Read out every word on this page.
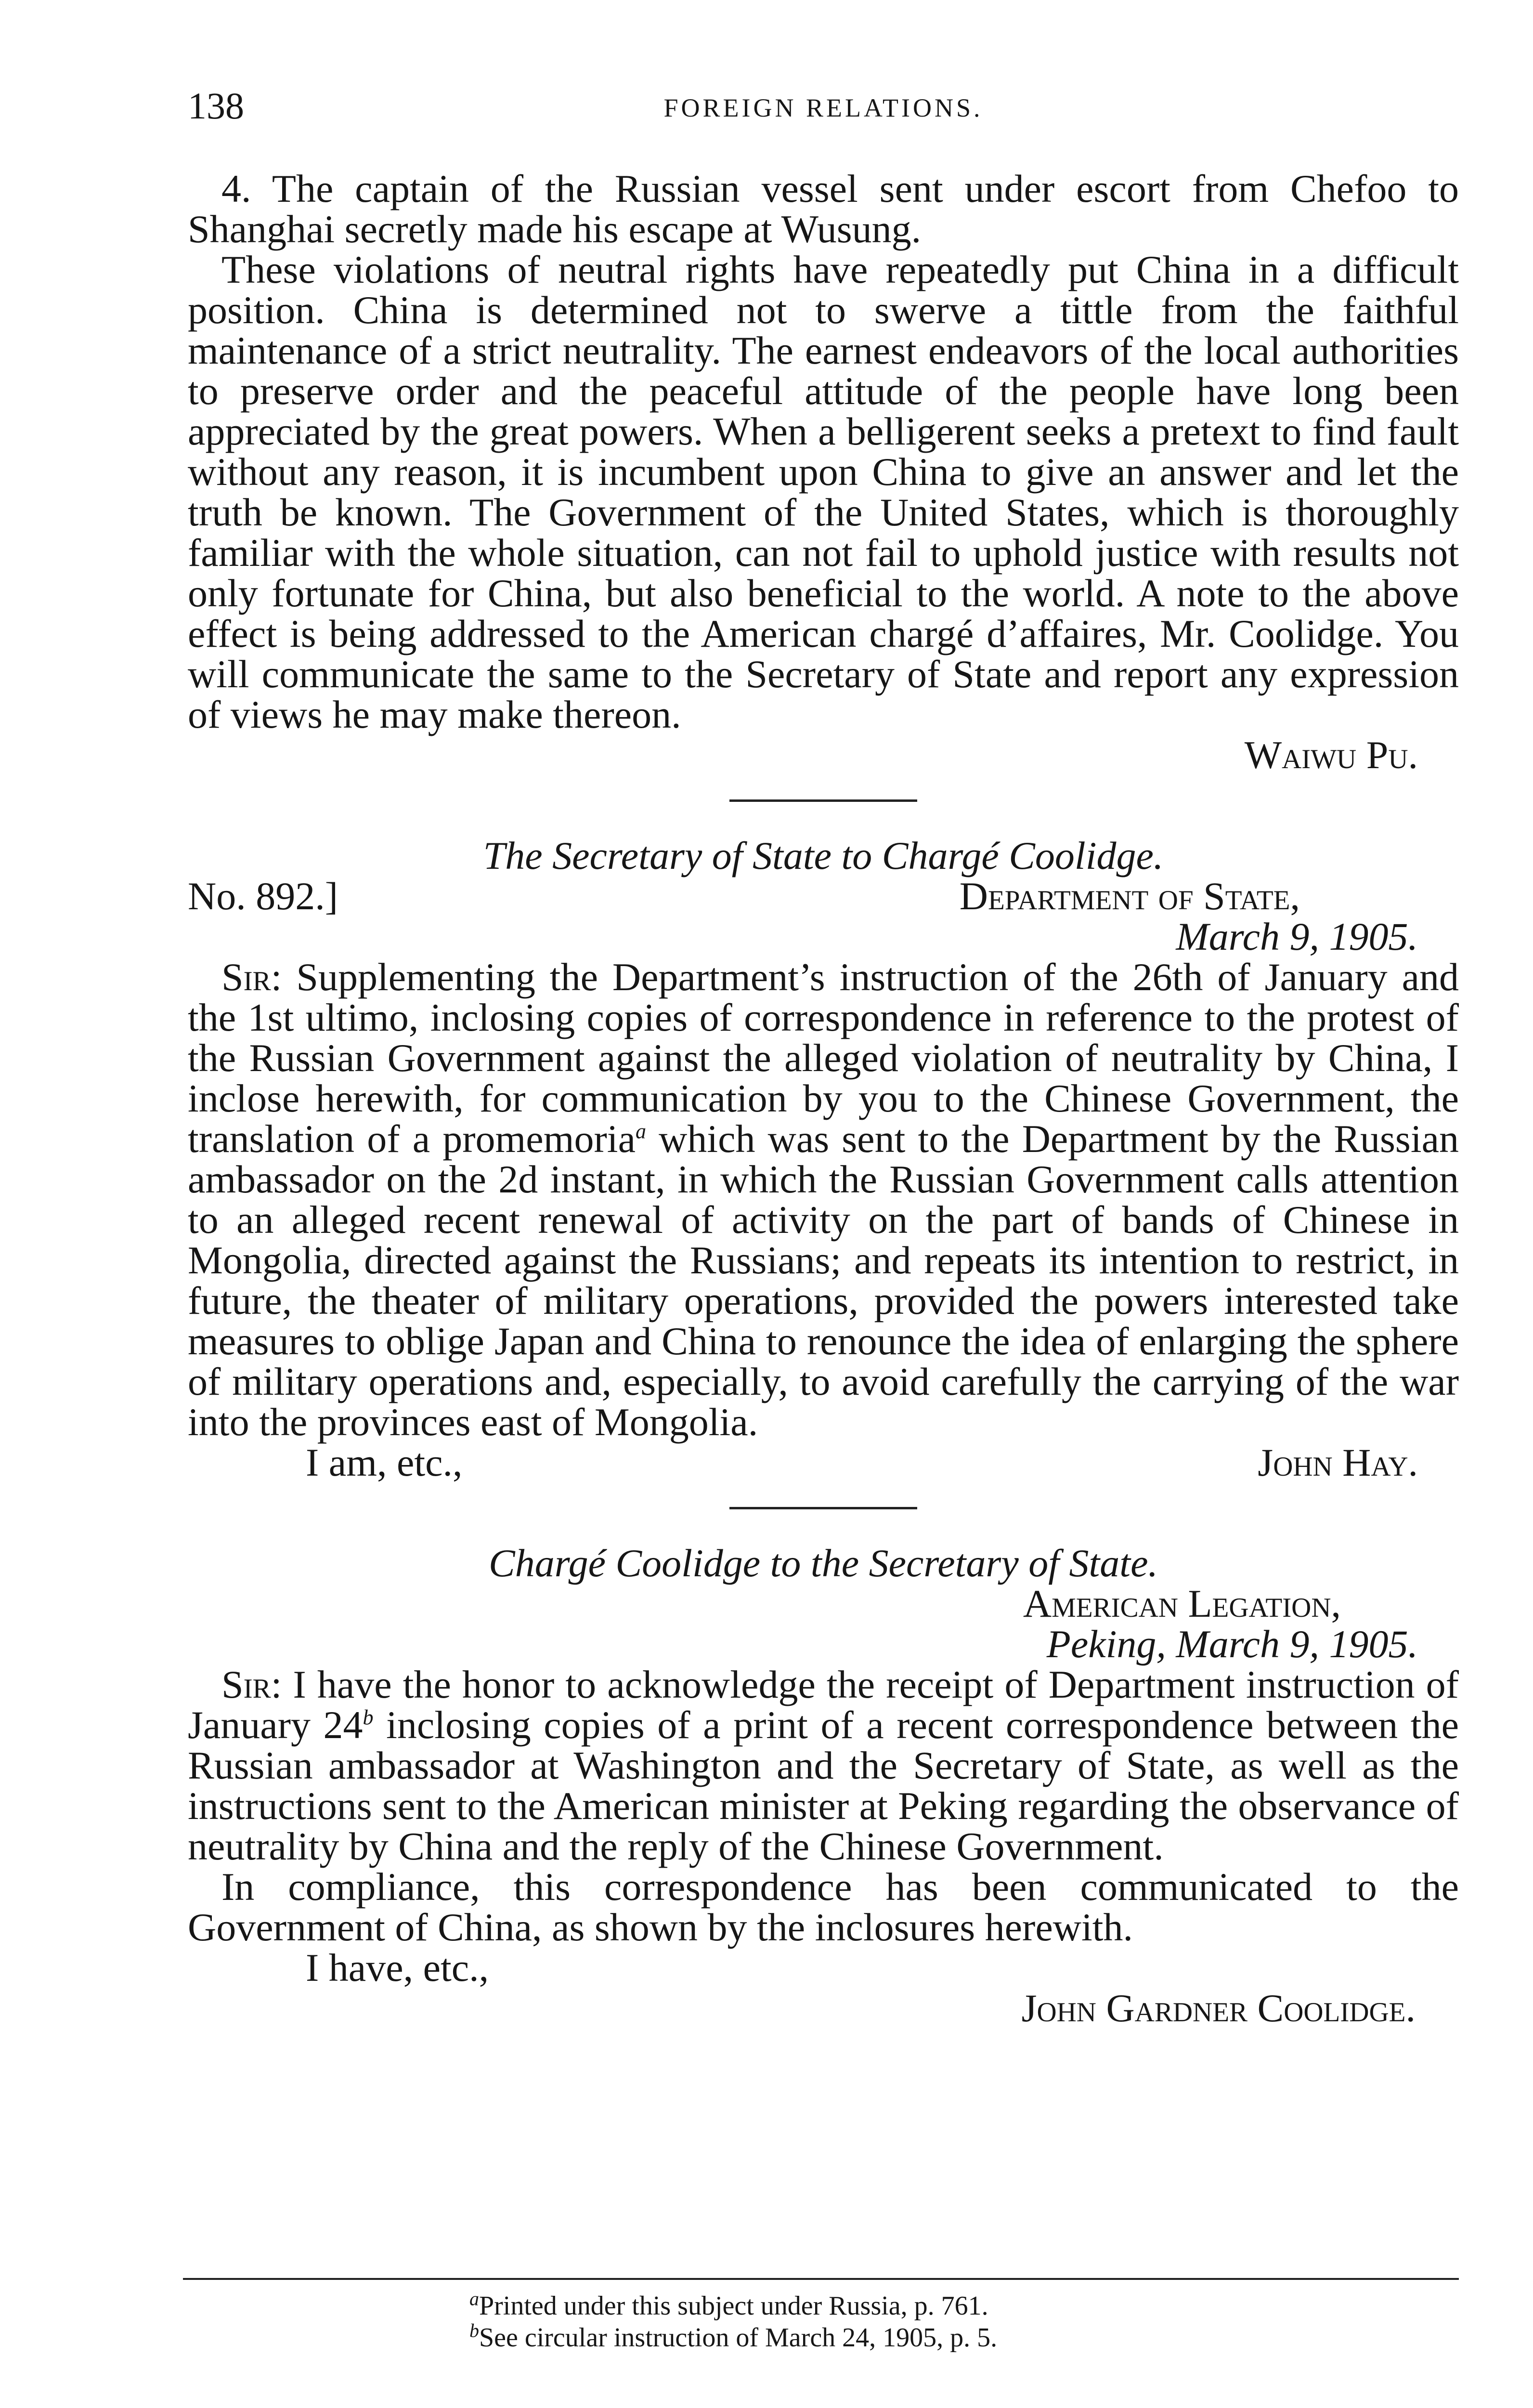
138	FOREIGN RELATIONS.

4. The captain of the Russian vessel sent under escort from Chefoo to Shanghai secretly made his escape at Wusung.

These violations of neutral rights have repeatedly put China in a difficult position. China is determined not to swerve a tittle from the faithful maintenance of a strict neutrality. The earnest endeavors of the local authorities to preserve order and the peaceful attitude of the people have long been appreciated by the great powers. When a belligerent seeks a pretext to find fault without any reason, it is incumbent upon China to give an answer and let the truth be known. The Government of the United States, which is thoroughly familiar with the whole situation, can not fail to uphold justice with results not only fortunate for China, but also beneficial to the world. A note to the above effect is being addressed to the American chargé d’affaires, Mr. Coolidge. You will communicate the same to the Secretary of State and report any expression of views he may make thereon.

Waiwu Pu.
The Secretary of State to Chargé Coolidge.
No. 892.]	Department of State,
March 9, 1905.

Sir: Supplementing the Department’s instruction of the 26th of January and the 1st ultimo, inclosing copies of correspondence in reference to the protest of the Russian Government against the alleged violation of neutrality by China, I inclose herewith, for communication by you to the Chinese Government, the translation of a promemoria$^a$ which was sent to the Department by the Russian ambassador on the 2d instant, in which the Russian Government calls attention to an alleged recent renewal of activity on the part of bands of Chinese in Mongolia, directed against the Russians; and repeats its intention to restrict, in future, the theater of military operations, provided the powers interested take measures to oblige Japan and China to renounce the idea of enlarging the sphere of military operations and, especially, to avoid carefully the carrying of the war into the provinces east of Mongolia.

I am, etc.,	John Hay.
Chargé Coolidge to the Secretary of State.
American Legation,
Peking, March 9, 1905.

Sir: I have the honor to acknowledge the receipt of Department instruction of January 24$^b$ inclosing copies of a print of a recent correspondence between the Russian ambassador at Washington and the Secretary of State, as well as the instructions sent to the American minister at Peking regarding the observance of neutrality by China and the reply of the Chinese Government.

In compliance, this correspondence has been communicated to the Government of China, as shown by the inclosures herewith.

I have, etc.,
John Gardner Coolidge.
$^a$Printed under this subject under Russia, p. 761.
$^b$See circular instruction of March 24, 1905, p. 5.
